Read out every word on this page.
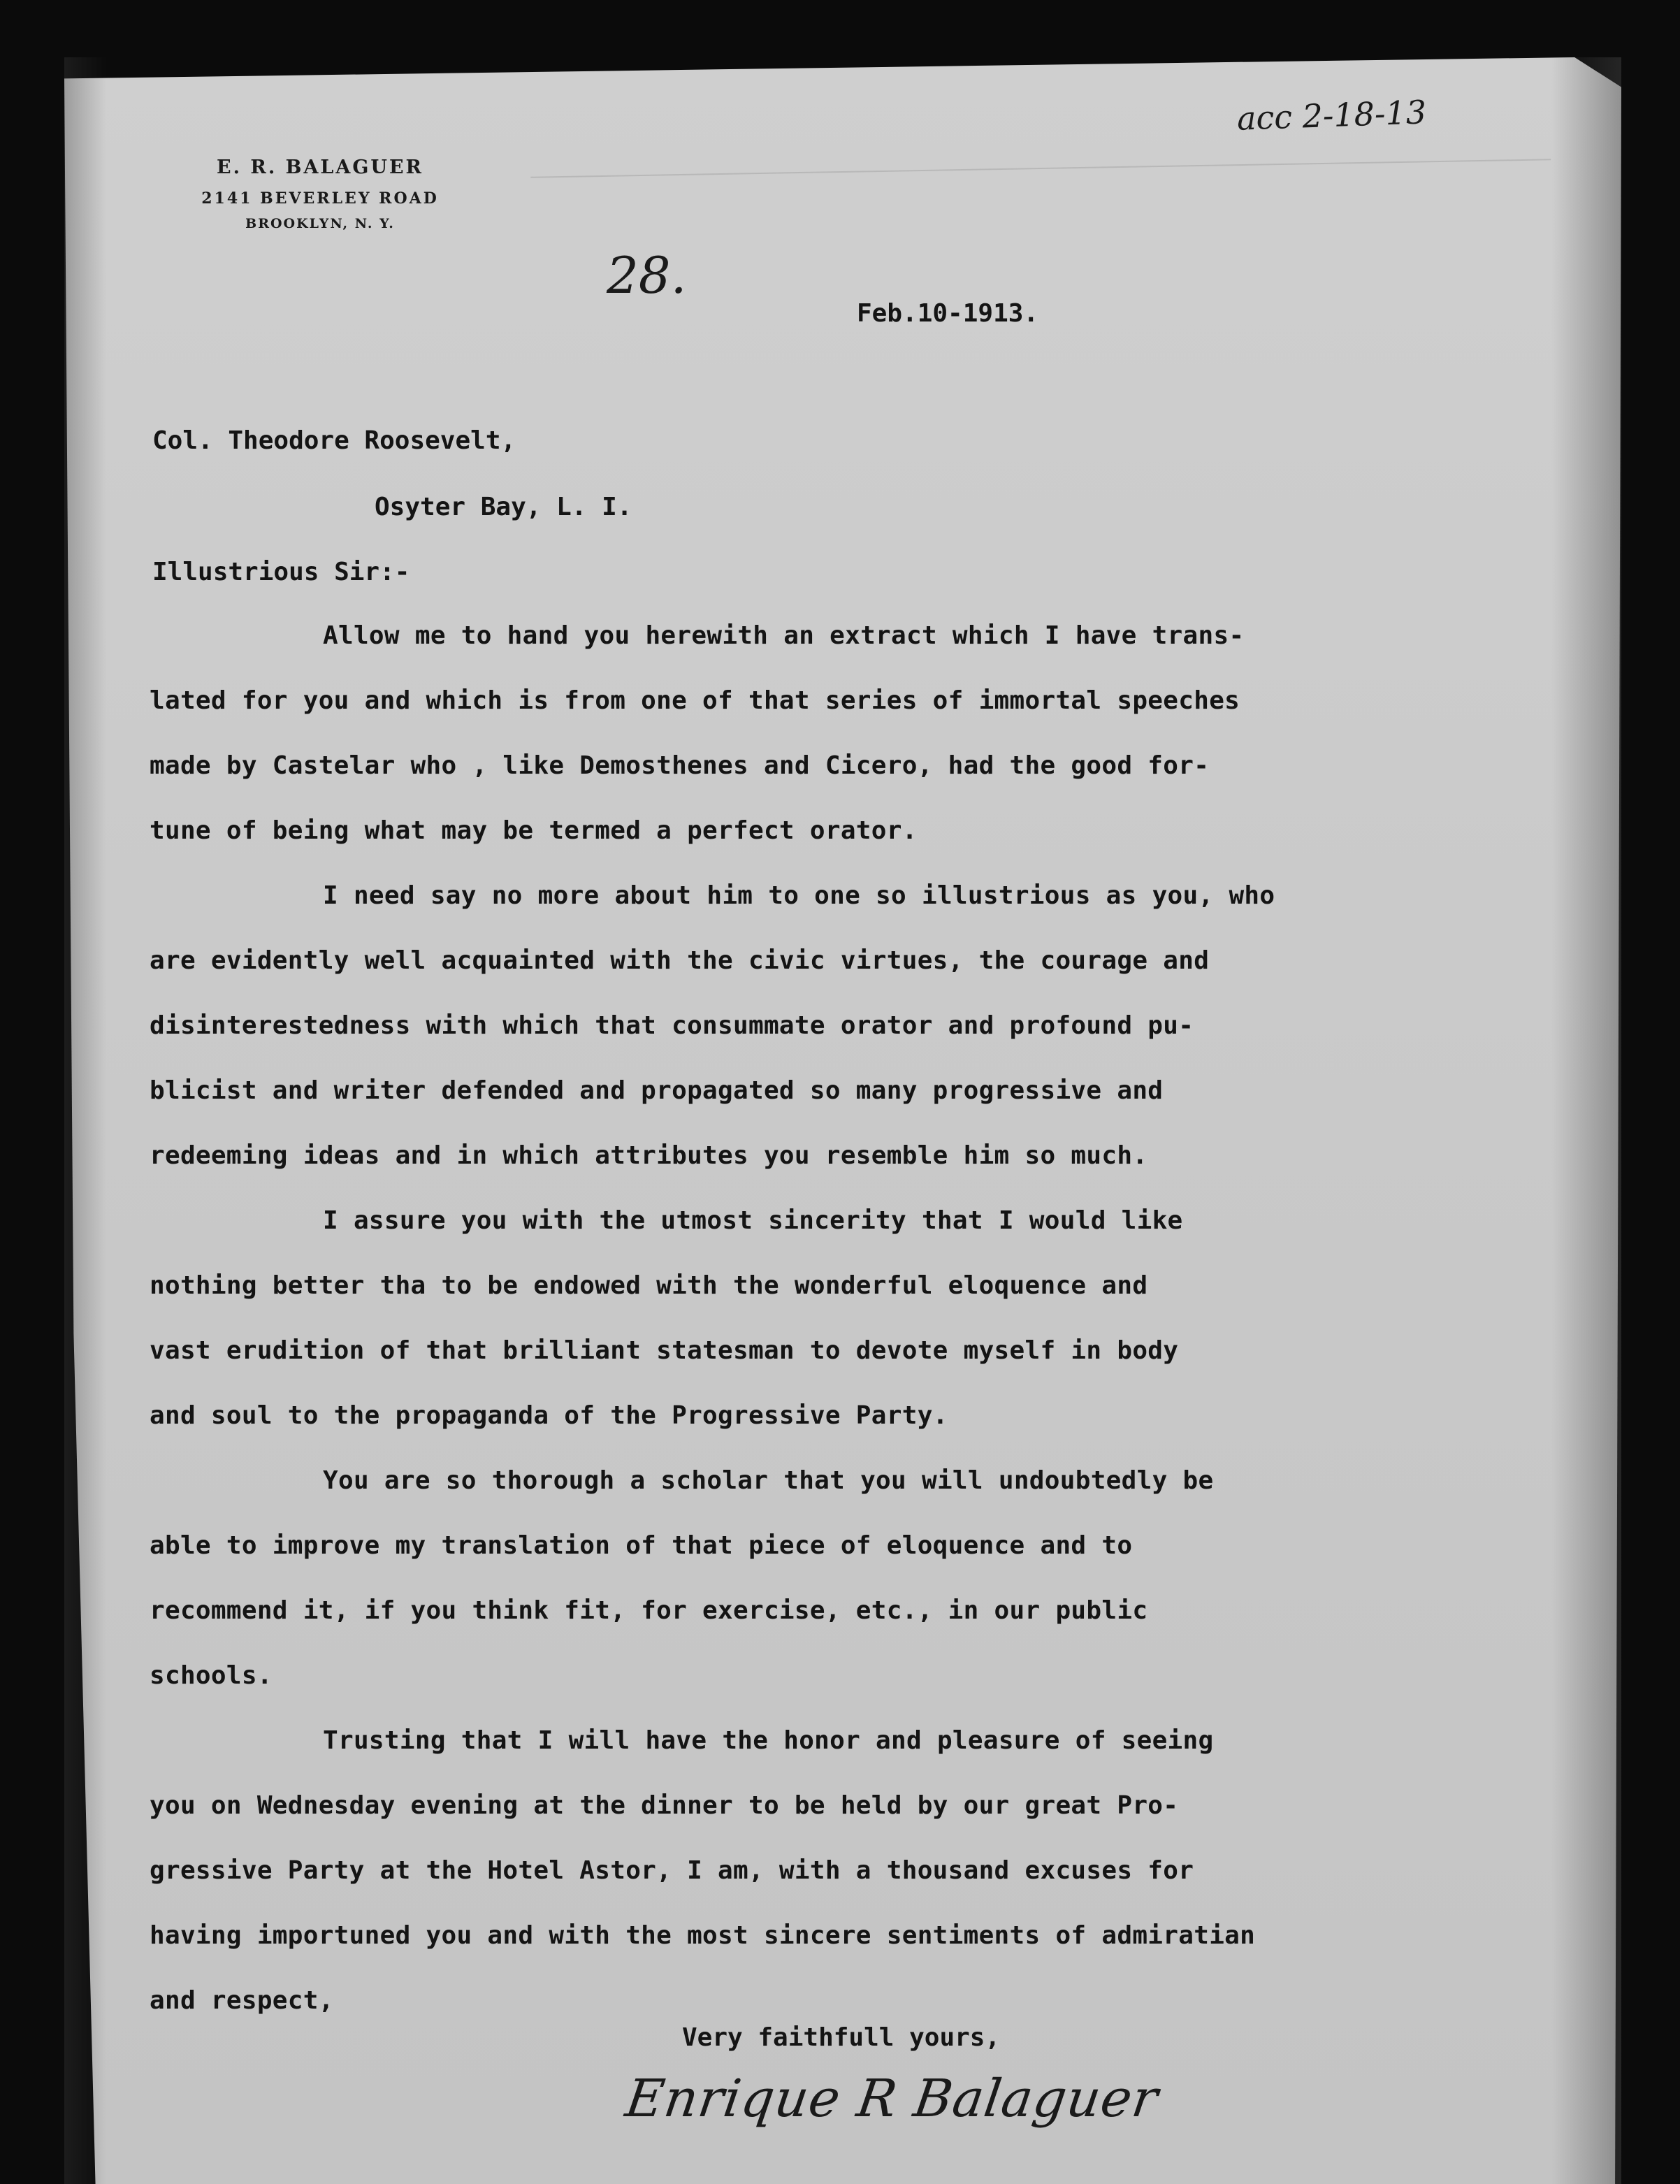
E. R. BALAGUER
2141 BEVERLEY ROAD
BROOKLYN, N. Y.
acc 2-18-13
28.
Feb.10-1913.
Col. Theodore Roosevelt,
Osyter Bay, L. I.
Illustrious Sir:-

Allow me to hand you herewith an extract which I have trans-

lated for you and which is from one of that series of immortal speeches

made by Castelar who , like Demosthenes and Cicero, had the good for-

tune of being what may be termed a perfect orator.

I need say no more about him to one so illustrious as you, who

are evidently well acquainted with the civic virtues, the courage and

disinterestedness with which that consummate orator and profound pu-

blicist and writer defended and propagated so many progressive and

redeeming ideas and in which attributes you resemble him so much.

I assure you with the utmost sincerity that I would like

nothing better tha to be endowed with the wonderful eloquence and

vast erudition of that brilliant statesman to devote myself in body

and soul to the propaganda of the Progressive Party.

You are so thorough a scholar that you will undoubtedly be

able to improve my translation of that piece of eloquence and to

recommend it, if you think fit, for exercise, etc., in our public

schools.

Trusting that I will have the honor and pleasure of seeing

you on Wednesday evening at the dinner to be held by our great Pro-

gressive Party at the Hotel Astor, I am, with a thousand excuses for

having importuned you and with the most sincere sentiments of admiratian

and respect,

Very faithfull yours,
Enrique R Balaguer
